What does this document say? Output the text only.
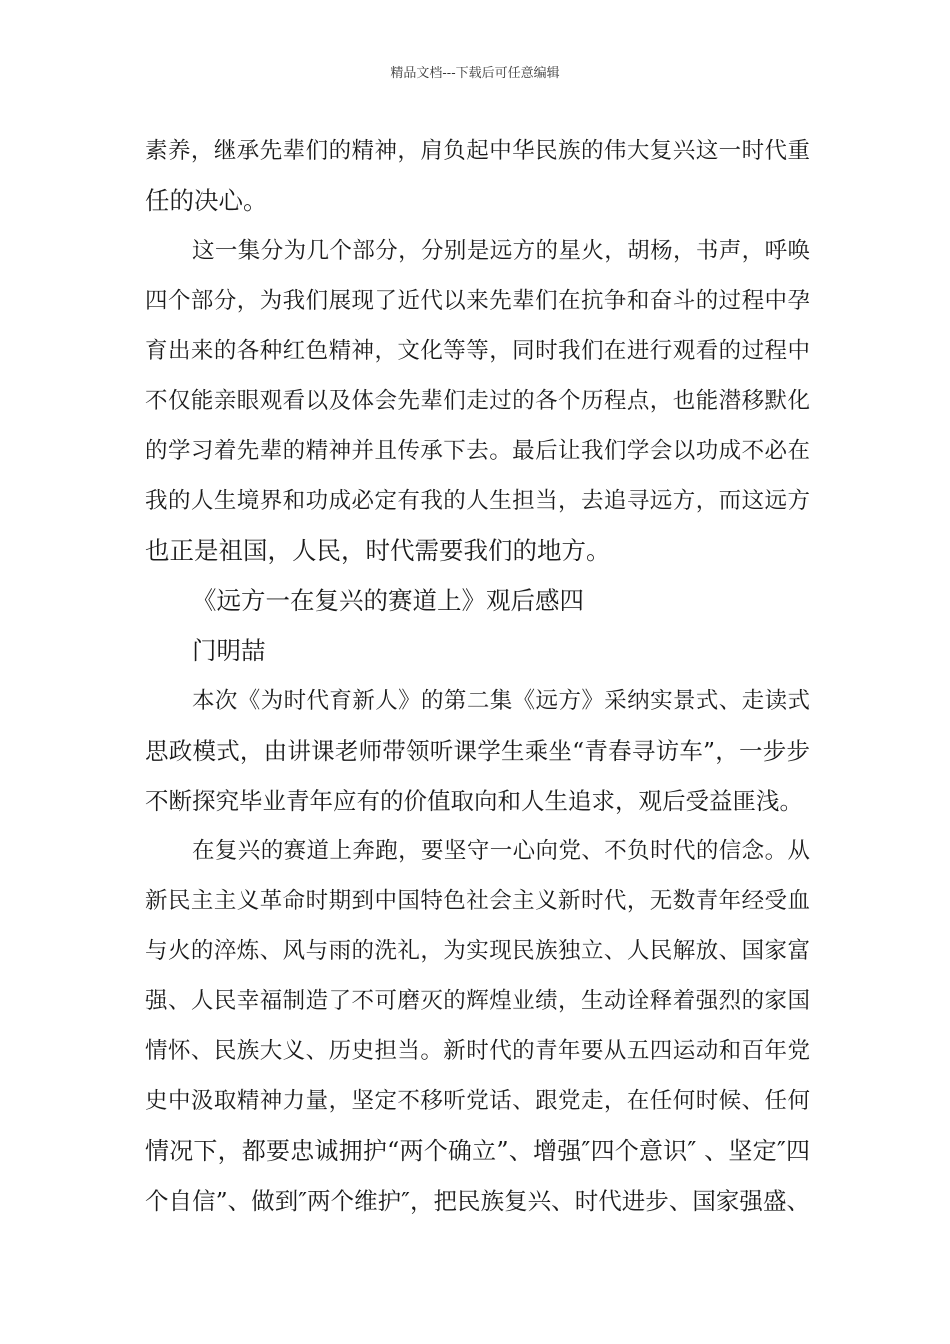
精品文档---下载后可任意编辑
素养，继承先辈们的精神，肩负起中华民族的伟大复兴这一时代重
任的决心。
这一集分为几个部分，分别是远方的星火，胡杨，书声，呼唤
四个部分，为我们展现了近代以来先辈们在抗争和奋斗的过程中孕
育出来的各种红色精神，文化等等，同时我们在进行观看的过程中
不仅能亲眼观看以及体会先辈们走过的各个历程点，也能潜移默化
的学习着先辈的精神并且传承下去。最后让我们学会以功成不必在
我的人生境界和功成必定有我的人生担当，去追寻远方，而这远方
也正是祖国，人民，时代需要我们的地方。
《远方一在复兴的赛道上》观后感四
门明喆
本次《为时代育新人》的第二集《远方》采纳实景式、走读式
思政模式，由讲课老师带领听课学生乘坐“青春寻访车”，一步步
不断探究毕业青年应有的价值取向和人生追求，观后受益匪浅。
在复兴的赛道上奔跑，要坚守一心向党、不负时代的信念。从
新民主主义革命时期到中国特色社会主义新时代，无数青年经受血
与火的淬炼、风与雨的洗礼，为实现民族独立、人民解放、国家富
强、人民幸福制造了不可磨灭的辉煌业绩，生动诠释着强烈的家国
情怀、民族大义、历史担当。新时代的青年要从五四运动和百年党
史中汲取精神力量，坚定不移听党话、跟党走，在任何时候、任何
情况下，都要忠诚拥护“两个确立”、增强″四个意识″ 、坚定″四
个自信”、做到″两个维护″，把民族复兴、时代进步、国家强盛、
